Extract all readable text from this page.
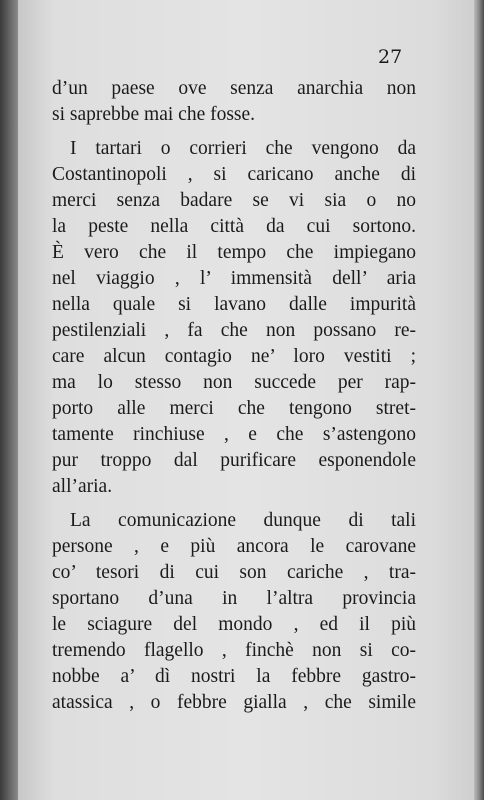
27
d’un paese ove senza anarchia non
si saprebbe mai che fosse.
I tartari o corrieri che vengono da
Costantinopoli , si caricano anche di
merci senza badare se vi sia o no
la peste nella città da cui sortono.
È vero che il tempo che impiegano
nel viaggio , l’ immensità dell’ aria
nella quale si lavano dalle impurità
pestilenziali , fa che non possano re-
care alcun contagio ne’ loro vestiti ;
ma lo stesso non succede per rap-
porto alle merci che tengono stret-
tamente rinchiuse , e che s’astengono
pur troppo dal purificare esponendole
all’aria.
La comunicazione dunque di tali
persone , e più ancora le carovane
co’ tesori di cui son cariche , tra-
sportano d’una in l’altra provincia
le sciagure del mondo , ed il più
tremendo flagello , finchè non si co-
nobbe a’ dì nostri la febbre gastro-
atassica , o febbre gialla , che simile
